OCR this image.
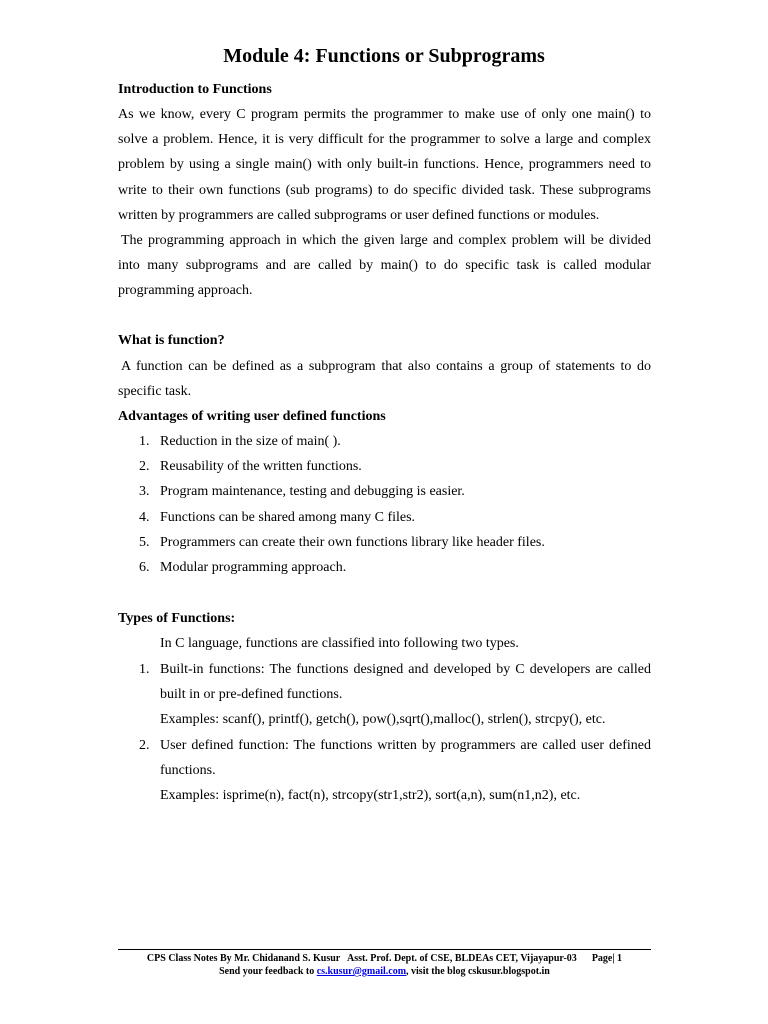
Module 4: Functions or Subprograms

Introduction to Functions

As we know, every C program permits the programmer to make use of only one main() to solve a problem. Hence, it is very difficult for the programmer to solve a large and complex problem by using a single main() with only built-in functions. Hence, programmers need to write to their own functions (sub programs) to do specific divided task. These subprograms written by programmers are called subprograms or user defined functions or modules.

The programming approach in which the given large and complex problem will be divided into many subprograms and are called by main() to do specific task is called modular programming approach.

What is function?

A function can be defined as a subprogram that also contains a group of statements to do specific task.

Advantages of writing user defined functions

1. Reduction in the size of main( ).
2. Reusability of the written functions.
3. Program maintenance, testing and debugging is easier.
4. Functions can be shared among many C files.
5. Programmers can create their own functions library like header files.
6. Modular programming approach.

Types of Functions:

In C language, functions are classified into following two types.

1. Built-in functions: The functions designed and developed by C developers are called built in or pre-defined functions.
Examples: scanf(), printf(), getch(), pow(),sqrt(),malloc(), strlen(), strcpy(), etc.
2. User defined function: The functions written by programmers are called user defined functions.
Examples: isprime(n), fact(n), strcopy(str1,str2), sort(a,n), sum(n1,n2), etc.
CPS Class Notes By Mr. Chidanand S. Kusur   Asst. Prof. Dept. of CSE, BLDEAs CET, Vijayapur-03 Page| 1
Send your feedback to cs.kusur@gmail.com, visit the blog cskusur.blogspot.in
